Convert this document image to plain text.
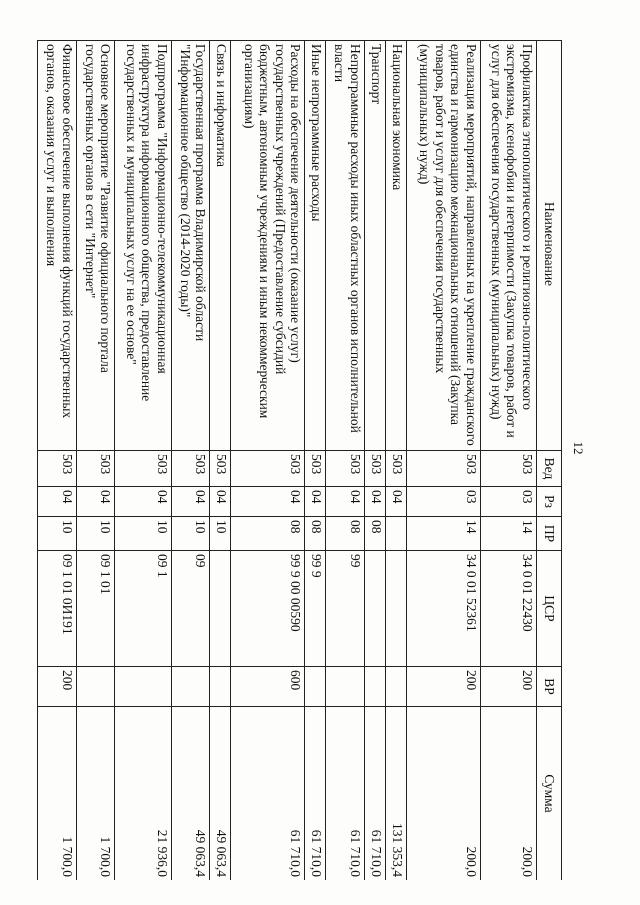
12
Наименование	Вед	Рз	ПР	ЦСР	ВР	Сумма
Профилактика этнополитического и религиозно-политического экстремизма, ксенофобии и нетерпимости (Закупка товаров, работ и услуг для обеспечения государственных (муниципальных) нужд)	503	03	14	34 0 01 22430	200	200,0
Реализация мероприятий, направленных на укрепление гражданского единства и гармонизацию межнациональных отношений (Закупка товаров, работ и услуг для обеспечения государственных (муниципальных) нужд)	503	03	14	34 0 01 52361	200	200,0
Национальная экономика	503	04				131 353,4
Транспорт	503	04	08			61 710,0
Непрограммные расходы иных областных органов исполнительной власти	503	04	08	99		61 710,0
Иные непрограммные расходы	503	04	08	99 9		61 710,0
Расходы на обеспечение деятельности (оказание услуг) государственных учреждений (Предоставление субсидий бюджетным, автономным учреждениям и иным некоммерческим организациям)	503	04	08	99 9 00 00590	600	61 710,0
Связь и информатика	503	04	10			49 063,4
Государственная программа Владимирской области "Информационное общество (2014-2020 годы)"	503	04	10	09		49 063,4
Подпрограмма "Информационно-телекоммуникационная инфраструктура информационного общества, предоставление государственных и муниципальных услуг на ее основе"	503	04	10	09 1		21 936,0
Основное мероприятие "Развитие официального портала государственных органов в сети "Интернет"	503	04	10	09 1 01		1 700,0
Финансовое обеспечение выполнения функций государственных органов, оказания услуг и выполнения	503	04	10	09 1 01 0И191	200	1 700,0
